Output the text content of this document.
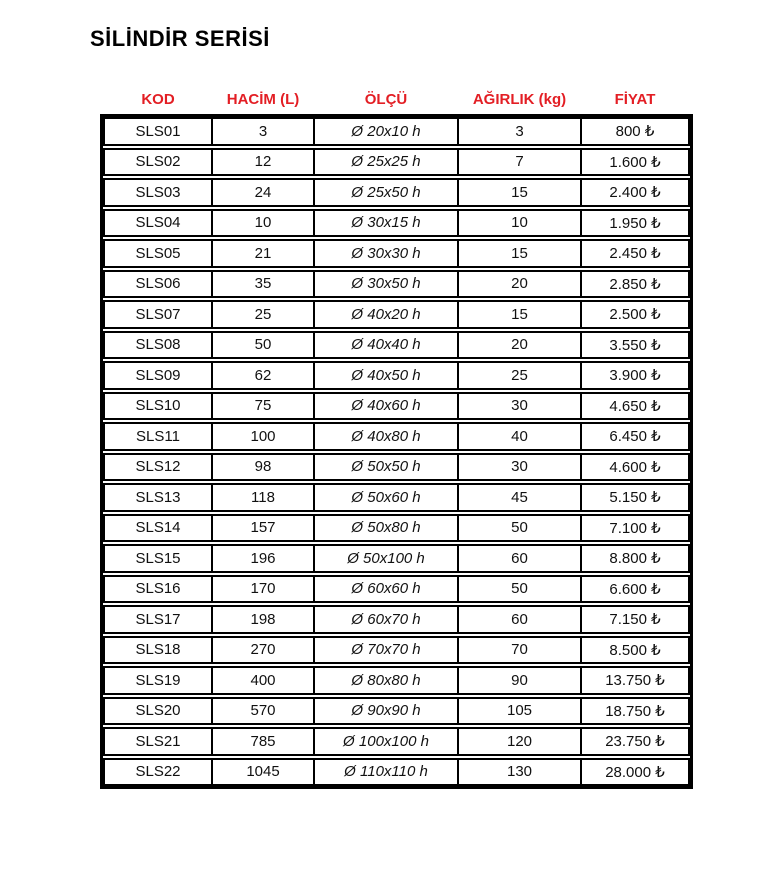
SİLİNDİR SERİSİ
KOD	HACİM (L)	ÖLÇÜ	AĞIRLIK (kg)	FİYAT
SLS01	3	Ø 20x10 h	3	800 ₺
SLS02	12	Ø 25x25 h	7	1.600 ₺
SLS03	24	Ø 25x50 h	15	2.400 ₺
SLS04	10	Ø 30x15 h	10	1.950 ₺
SLS05	21	Ø 30x30 h	15	2.450 ₺
SLS06	35	Ø 30x50 h	20	2.850 ₺
SLS07	25	Ø 40x20 h	15	2.500 ₺
SLS08	50	Ø 40x40 h	20	3.550 ₺
SLS09	62	Ø 40x50 h	25	3.900 ₺
SLS10	75	Ø 40x60 h	30	4.650 ₺
SLS11	100	Ø 40x80 h	40	6.450 ₺
SLS12	98	Ø 50x50 h	30	4.600 ₺
SLS13	118	Ø 50x60 h	45	5.150 ₺
SLS14	157	Ø 50x80 h	50	7.100 ₺
SLS15	196	Ø 50x100 h	60	8.800 ₺
SLS16	170	Ø 60x60 h	50	6.600 ₺
SLS17	198	Ø 60x70 h	60	7.150 ₺
SLS18	270	Ø 70x70 h	70	8.500 ₺
SLS19	400	Ø 80x80 h	90	13.750 ₺
SLS20	570	Ø 90x90 h	105	18.750 ₺
SLS21	785	Ø 100x100 h	120	23.750 ₺
SLS22	1045	Ø 110x110 h	130	28.000 ₺
